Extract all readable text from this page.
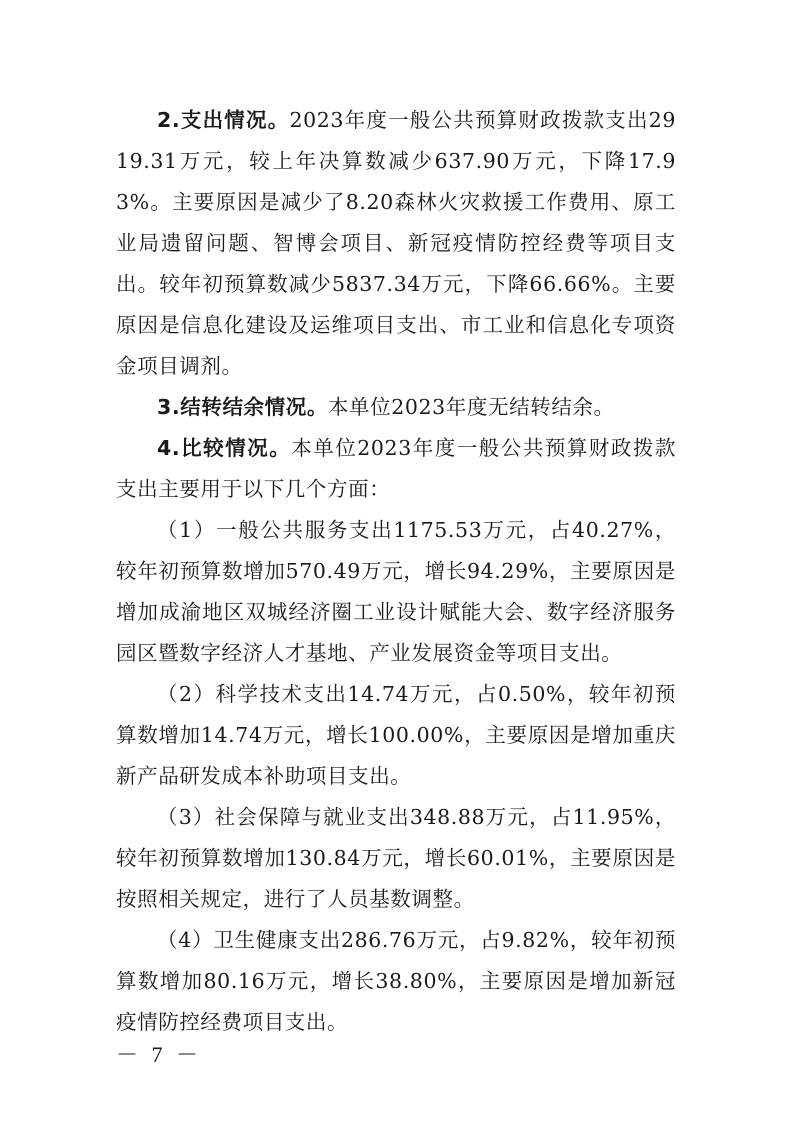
2.支出情况。2023年度一般公共预算财政拨款支出2919.31万元，较上年决算数减少637.90万元，下降17.93%。主要原因是减少了8.20森林火灾救援工作费用、原工业局遗留问题、智博会项目、新冠疫情防控经费等项目支出。较年初预算数减少5837.34万元，下降66.66%。主要原因是信息化建设及运维项目支出、市工业和信息化专项资金项目调剂。

3.结转结余情况。本单位2023年度无结转结余。

4.比较情况。本单位2023年度一般公共预算财政拨款支出主要用于以下几个方面：

（1）一般公共服务支出1175.53万元，占40.27%，较年初预算数增加570.49万元，增长94.29%，主要原因是增加成渝地区双城经济圈工业设计赋能大会、数字经济服务园区暨数字经济人才基地、产业发展资金等项目支出。

（2）科学技术支出14.74万元，占0.50%，较年初预算数增加14.74万元，增长100.00%，主要原因是增加重庆新产品研发成本补助项目支出。

（3）社会保障与就业支出348.88万元，占11.95%，较年初预算数增加130.84万元，增长60.01%，主要原因是按照相关规定，进行了人员基数调整。

（4）卫生健康支出286.76万元，占9.82%，较年初预算数增加80.16万元，增长38.80%，主要原因是增加新冠疫情防控经费项目支出。

－ 7 －
